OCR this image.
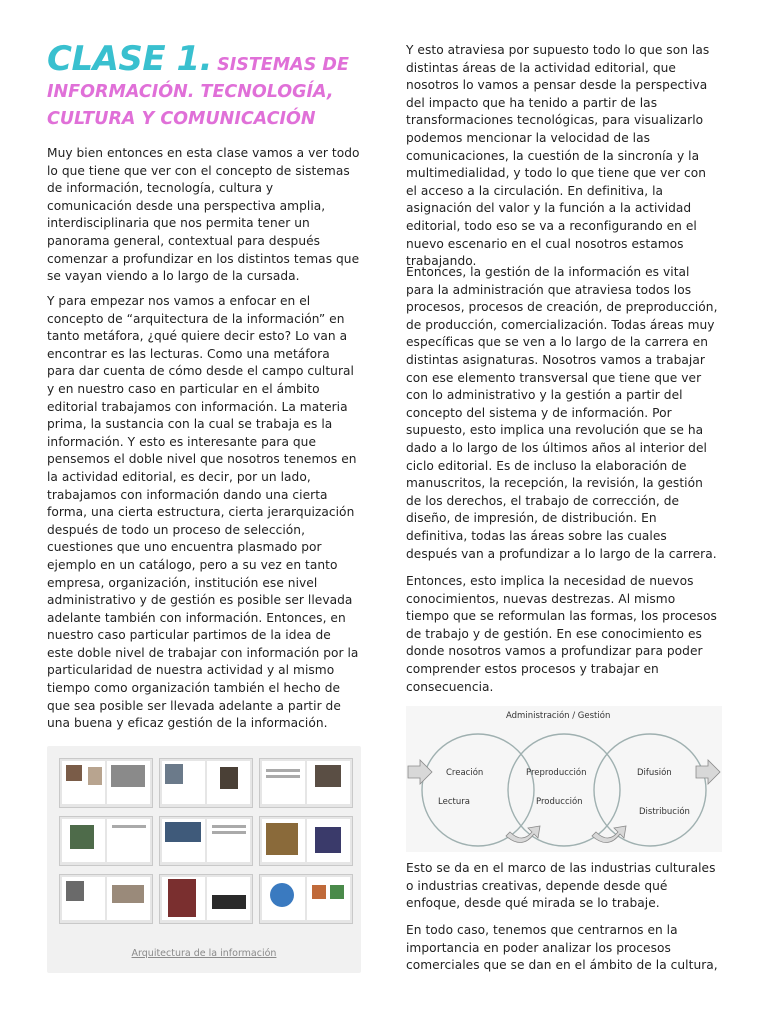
CLASE 1. SISTEMAS DE INFORMACIÓN. TECNOLOGÍA, CULTURA Y COMUNICACIÓN

Muy bien entonces en esta clase vamos a ver todo lo que tiene que ver con el concepto de sistemas de información, tecnología, cultura y comunicación desde una perspectiva amplia, interdisciplinaria que nos permita tener un panorama general, contextual para después comenzar a profundizar en los distintos temas que se vayan viendo a lo largo de la cursada.

Y para empezar nos vamos a enfocar en el concepto de “arquitectura de la información” en tanto metáfora, ¿qué quiere decir esto? Lo van a encontrar es las lecturas. Como una metáfora para dar cuenta de cómo desde el campo cultural y en nuestro caso en particular en el ámbito editorial trabajamos con información. La materia prima, la sustancia con la cual se trabaja es la información. Y esto es interesante para que pensemos el doble nivel que nosotros tenemos en la actividad editorial, es decir, por un lado, trabajamos con información dando una cierta forma, una cierta estructura, cierta jerarquización después de todo un proceso de selección, cuestiones que uno encuentra plasmado por ejemplo en un catálogo, pero a su vez en tanto empresa, organización, institución ese nivel administrativo y de gestión es posible ser llevada adelante también con información. Entonces, en nuestro caso particular partimos de la idea de este doble nivel de trabajar con información por la particularidad de nuestra actividad y al mismo tiempo como organización también el hecho de que sea posible ser llevada adelante a partir de una buena y eficaz gestión de la información.

Arquitectura de la información

Y esto atraviesa por supuesto todo lo que son las distintas áreas de la actividad editorial, que nosotros lo vamos a pensar desde la perspectiva del impacto que ha tenido a partir de las transformaciones tecnológicas, para visualizarlo podemos mencionar la velocidad de las comunicaciones, la cuestión de la sincronía y la multimedialidad, y todo lo que tiene que ver con el acceso a la circulación. En definitiva, la asignación del valor y la función a la actividad editorial, todo eso se va a reconfigurando en el nuevo escenario en el cual nosotros estamos trabajando.

Entonces, la gestión de la información es vital para la administración que atraviesa todos los procesos, procesos de creación, de preproducción, de producción, comercialización. Todas áreas muy específicas que se ven a lo largo de la carrera en distintas asignaturas. Nosotros vamos a trabajar con ese elemento transversal que tiene que ver con lo administrativo y la gestión a partir del concepto del sistema y de información. Por supuesto, esto implica una revolución que se ha dado a lo largo de los últimos años al interior del ciclo editorial. Es de incluso la elaboración de manuscritos, la recepción, la revisión, la gestión de los derechos, el trabajo de corrección, de diseño, de impresión, de distribución. En definitiva, todas las áreas sobre las cuales después van a profundizar a lo largo de la carrera.

Entonces, esto implica la necesidad de nuevos conocimientos, nuevas destrezas. Al mismo tiempo que se reformulan las formas, los procesos de trabajo y de gestión. En ese conocimiento es donde nosotros vamos a profundizar para poder comprender estos procesos y trabajar en consecuencia.

Administración / Gestión
Creación
Lectura
Preproducción
Producción
Difusión
Distribución

Esto se da en el marco de las industrias culturales o industrias creativas, depende desde qué enfoque, desde qué mirada se lo trabaje.

En todo caso, tenemos que centrarnos en la importancia en poder analizar los procesos comerciales que se dan en el ámbito de la cultura,
